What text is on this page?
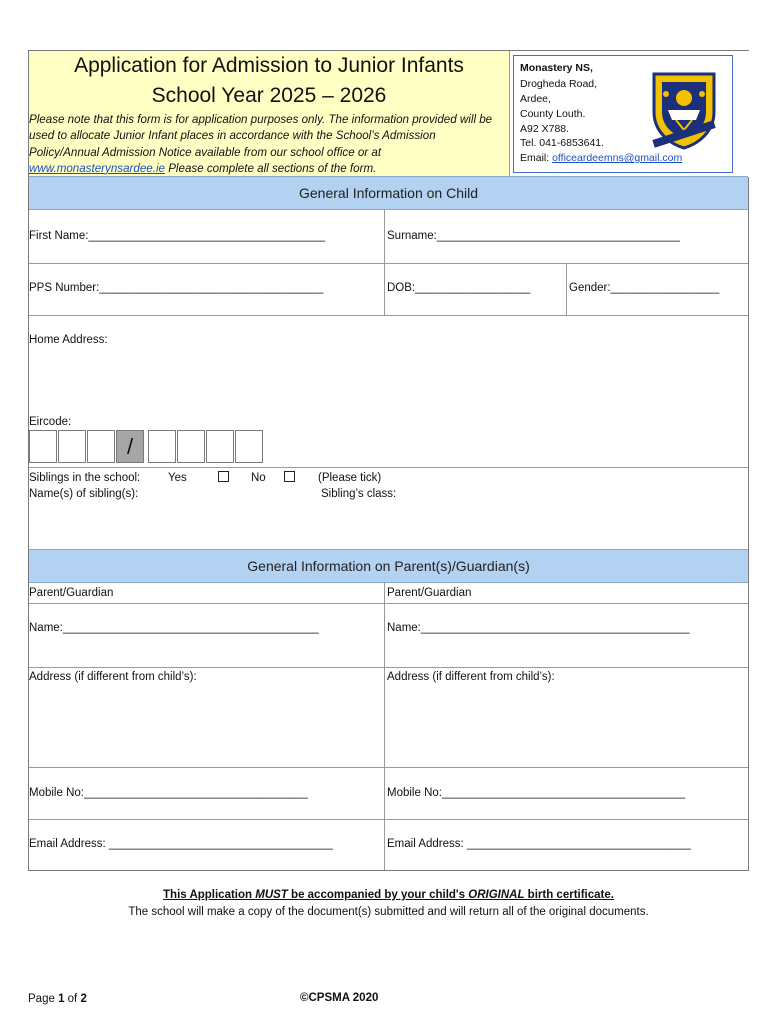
Application for Admission to Junior Infants
School Year 2025 – 2026
Please note that this form is for application purposes only. The information provided will be used to allocate Junior Infant places in accordance with the School’s Admission Policy/Annual Admission Notice available from our school office or at www.monasterynsardee.ie Please complete all sections of the form.
Monastery NS,
Drogheda Road,
Ardee,
County Louth.
A92 X788.
Tel. 041-6853641.
Email: officeardeemns@gmail.com
General Information on Child
First Name:_____________________________________	Surname:______________________________________
PPS Number:___________________________________	DOB:__________________	Gender:_________________
Home Address:
Eircode:
/
Siblings in the school: Yes	No	(Please tick)
Name(s) of sibling(s):	Sibling’s class:
General Information on Parent(s)/Guardian(s)
Parent/Guardian	Parent/Guardian
Name:________________________________________	Name:__________________________________________
Address (if different from child’s):	Address (if different from child’s):
Mobile No:___________________________________	Mobile No:______________________________________
Email Address: ___________________________________	Email Address: ___________________________________
This Application MUST be accompanied by your child's ORIGINAL birth certificate.
The school will make a copy of the document(s) submitted and will return all of the original documents.
Page 1 of 2	©CPSMA 2020
